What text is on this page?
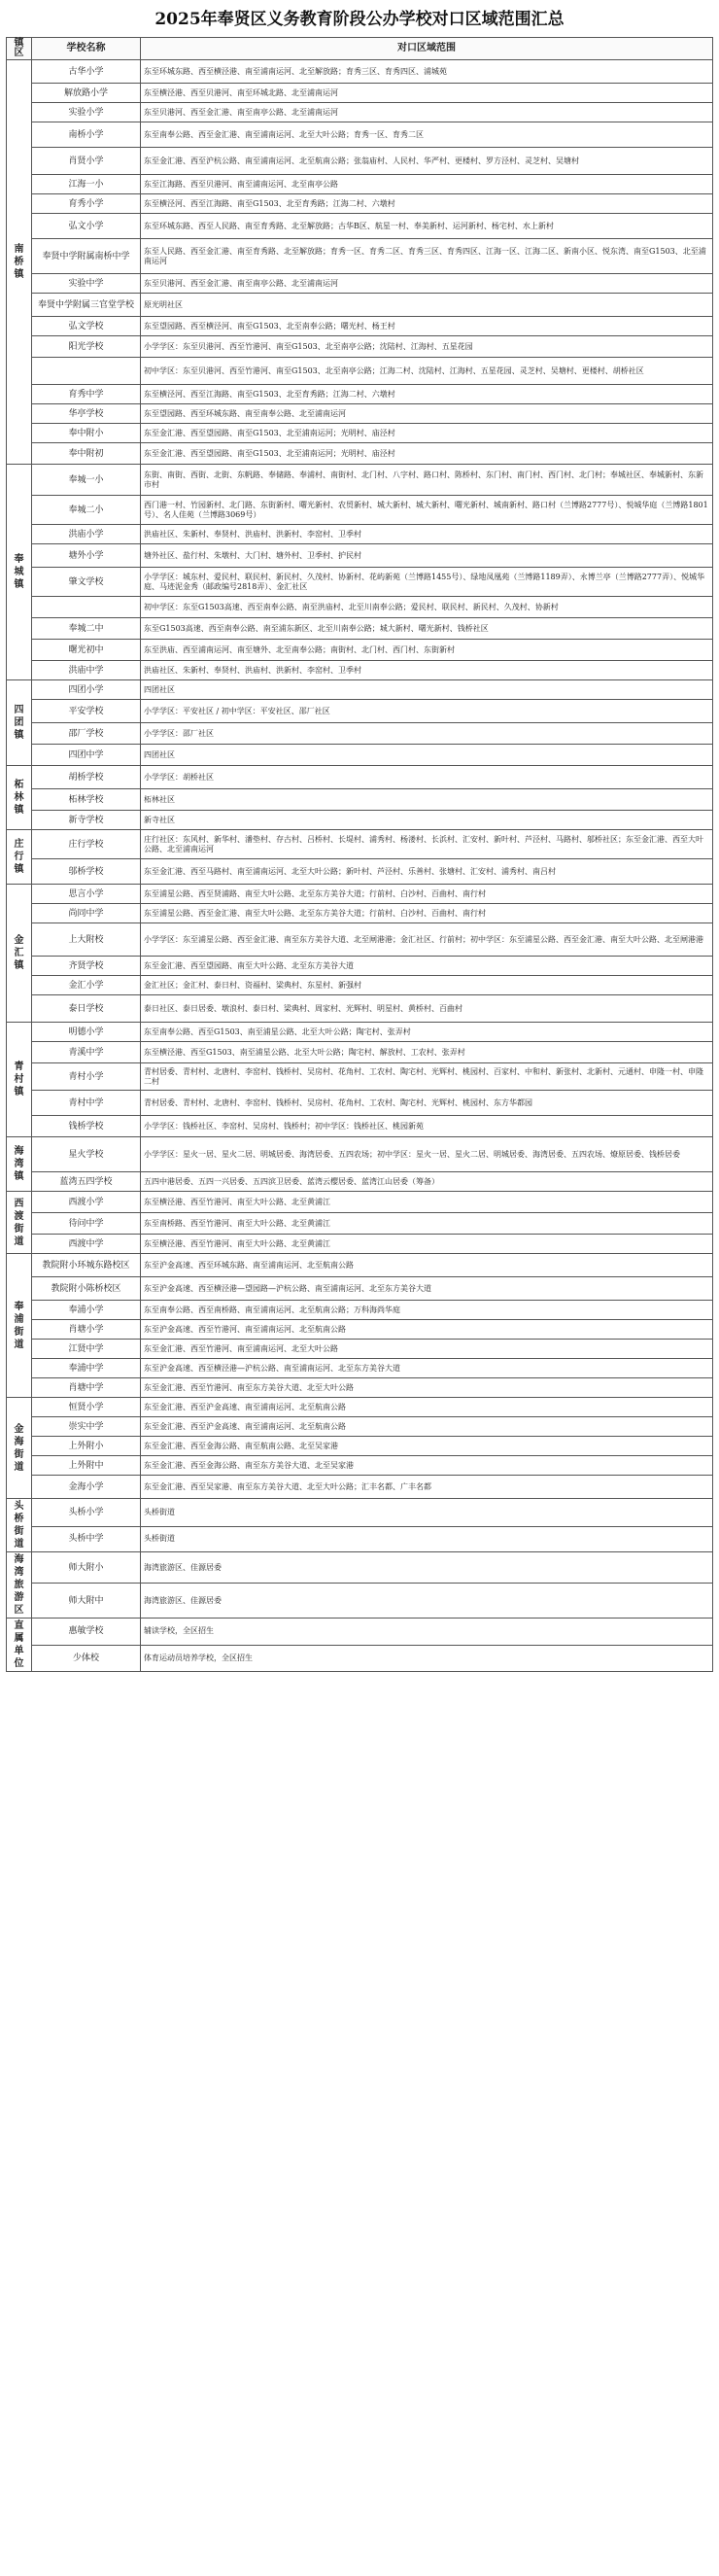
2025年奉贤区义务教育阶段公办学校对口区域范围汇总
镇区	学校名称	对口区域范围
南桥镇	古华小学	东至环城东路、西至横泾港、南至浦南运河、北至解放路；育秀三区、育秀四区、浦城苑
	解放路小学	东至横泾港、西至贝港河、南至环城北路、北至浦南运河
	实验小学	东至贝港河、西至金汇港、南至南亭公路、北至浦南运河
	南桥小学	东至南奉公路、西至金汇港、南至浦南运河、北至大叶公路；育秀一区、育秀二区
	肖贤小学	东至金汇港、西至沪杭公路、南至浦南运河、北至航南公路；张翁庙村、人民村、华严村、更楼村、罗方泾村、灵芝村、吴塘村
	江海一小	东至江海路、西至贝港河、南至浦南运河、北至南亭公路
	育秀小学	东至横泾河、西至江海路、南至G1503、北至育秀路；江海二村、六墩村
	弘文小学	东至环城东路、西至人民路、南至育秀路、北至解放路；古华B区、航星一村、奉美新村、运河新村、杨宅村、水上新村
	奉贤中学附属南桥中学	东至人民路、西至金汇港、南至育秀路、北至解放路；育秀一区、育秀二区、育秀三区、育秀四区、江海一区、江海二区、新南小区、悦东湾、南至G1503、北至浦南运河
	实验中学	东至贝港河、西至金汇港、南至南亭公路、北至浦南运河
	奉贤中学附属三官堂学校	原光明社区
	弘文学校	东至望园路、西至横泾河、南至G1503、北至南奉公路；曙光村、杨王村
	阳光学校	小学学区：东至贝港河、西至竹港河、南至G1503、北至南亭公路；沈陆村、江海村、五星花园
		初中学区：东至贝港河、西至竹港河、南至G1503、北至南亭公路；江海二村、沈陆村、江海村、五星花园、灵芝村、吴塘村、更楼村、胡桥社区
	育秀中学	东至横泾河、西至江海路、南至G1503、北至育秀路；江海二村、六墩村
	华亭学校	东至望园路、西至环城东路、南至南奉公路、北至浦南运河
	奉中附小	东至金汇港、西至望园路、南至G1503、北至浦南运河；光明村、庙泾村
	奉中附初	东至金汇港、西至望园路、南至G1503、北至浦南运河；光明村、庙泾村
奉城镇	奉城一小	东街、南街、西街、北街、东帆路、奉储路、奉浦村、南街村、北门村、八字村、路口村、陈桥村、东门村、南门村、西门村、北门村；奉城社区、奉城新村、东新市村
	奉城二小	西门港一村、竹园新村、北门路、东街新村、曙光新村、农贸新村、城大新村、城大新村、曙光新村、城南新村、路口村（兰博路2777号）、悦城华庭（兰博路1801号）、名人佳苑（兰博路3069号）
	洪庙小学	洪庙社区、朱新村、奉贤村、洪庙村、洪新村、李窑村、卫季村
	塘外小学	塘外社区、盐行村、朱墩村、大门村、塘外村、卫季村、护民村
	肇文学校	小学学区：城东村、爱民村、联民村、新民村、久茂村、协新村、花屿新苑（兰博路1455号）、绿地凤凰苑（兰博路1189弄）、永博兰亭（兰博路2777弄）、悦城华庭、马迹泥金秀（邮政编号2818弄）、金汇社区
		初中学区：东至G1503高速、西至南奉公路、南至洪庙村、北至川南奉公路；爱民村、联民村、新民村、久茂村、协新村
	奉城二中	东至G1503高速、西至南奉公路、南至浦东新区、北至川南奉公路；城大新村、曙光新村、钱桥社区
	曙光初中	东至洪庙、西至浦南运河、南至塘外、北至南奉公路；南街村、北门村、西门村、东街新村
	洪庙中学	洪庙社区、朱新村、奉贤村、洪庙村、洪新村、李窑村、卫季村
四团镇	四团小学	四团社区
	平安学校	小学学区：平安社区 / 初中学区：平安社区、邵厂社区
	邵厂学校	小学学区：邵厂社区
	四团中学	四团社区
柘林镇	胡桥学校	小学学区：胡桥社区
	柘林学校	柘林社区
	新寺学校	新寺社区
庄行镇	庄行学校	庄行社区：东风村、新华村、潘垫村、存古村、吕桥村、长堤村、浦秀村、杨溇村、长浜村、汇安村、新叶村、芦泾村、马路村、邬桥社区；东至金汇港、西至大叶公路、北至浦南运河
	邬桥学校	东至金汇港、西至马路村、南至浦南运河、北至大叶公路；新叶村、芦泾村、乐善村、张塘村、汇安村、浦秀村、南吕村
金汇镇	思言小学	东至浦星公路、西至贤浦路、南至大叶公路、北至东方美谷大道；行前村、白沙村、百曲村、南行村
	尚同中学	东至浦星公路、西至金汇港、南至大叶公路、北至东方美谷大道；行前村、白沙村、百曲村、南行村
	上大附校	小学学区：东至浦星公路、西至金汇港、南至东方美谷大道、北至闸港港；金汇社区、行前村；初中学区：东至浦星公路、西至金汇港、南至大叶公路、北至闸港港
	齐贤学校	东至金汇港、西至望园路、南至大叶公路、北至东方美谷大道
	金汇小学	金汇社区；金汇村、泰日村、资福村、梁典村、东星村、新强村
	泰日学校	泰日社区、泰日居委、墩浪村、泰日村、梁典村、周家村、光辉村、明星村、黄桥村、百曲村
青村镇	明德小学	东至南奉公路、西至G1503、南至浦星公路、北至大叶公路；陶宅村、张弄村
	青溪中学	东至横泾港、西至G1503、南至浦星公路、北至大叶公路；陶宅村、解放村、工农村、张弄村
	青村小学	青村居委、青村村、北唐村、李窑村、钱桥村、吴房村、花角村、工农村、陶宅村、光辉村、桃园村、百家村、中和村、新张村、北新村、元通村、申隆一村、申隆二村
	青村中学	青村居委、青村村、北唐村、李窑村、钱桥村、吴房村、花角村、工农村、陶宅村、光辉村、桃园村、东方华都园
	钱桥学校	小学学区：钱桥社区、李窑村、吴房村、钱桥村；初中学区：钱桥社区、桃园新苑
海湾镇	星火学校	小学学区：星火一居、星火二居、明城居委、海湾居委、五四农场；初中学区：星火一居、星火二居、明城居委、海湾居委、五四农场、燎原居委、钱桥居委
	蓝湾五四学校	五四中港居委、五四一兴居委、五四滨卫居委、蓝湾云樱居委、蓝湾江山居委（筹备）
西渡街道	西渡小学	东至横泾港、西至竹港河、南至大叶公路、北至黄浦江
	待问中学	东至南桥路、西至竹港河、南至大叶公路、北至黄浦江
	西渡中学	东至横泾港、西至竹港河、南至大叶公路、北至黄浦江
奉浦街道	教院附小环城东路校区	东至沪金高速、西至环城东路、南至浦南运河、北至航南公路
	教院附小陈桥校区	东至沪金高速、西至横泾港—望园路—沪杭公路、南至浦南运河、北至东方美谷大道
	奉浦小学	东至南奉公路、西至南桥路、南至浦南运河、北至航南公路；万科海尚华庭
	肖塘小学	东至沪金高速、西至竹港河、南至浦南运河、北至航南公路
	江贤中学	东至金汇港、西至竹港河、南至浦南运河、北至大叶公路
	奉浦中学	东至沪金高速、西至横泾港—沪杭公路、南至浦南运河、北至东方美谷大道
	肖塘中学	东至金汇港、西至竹港河、南至东方美谷大道、北至大叶公路
金海街道	恒贤小学	东至金汇港、西至沪金高速、南至浦南运河、北至航南公路
	崇实中学	东至金汇港、西至沪金高速、南至浦南运河、北至航南公路
	上外附小	东至金汇港、西至金海公路、南至航南公路、北至吴家港
	上外附中	东至金汇港、西至金海公路、南至东方美谷大道、北至吴家港
	金海小学	东至金汇港、西至吴家港、南至东方美谷大道、北至大叶公路；汇丰名都、广丰名都
头桥街道	头桥小学	头桥街道
	头桥中学	头桥街道
海湾旅游区	师大附小	海湾旅游区、佳源居委
	师大附中	海湾旅游区、佳源居委
直属单位	惠敏学校	辅读学校，全区招生
	少体校	体育运动员培养学校，全区招生
